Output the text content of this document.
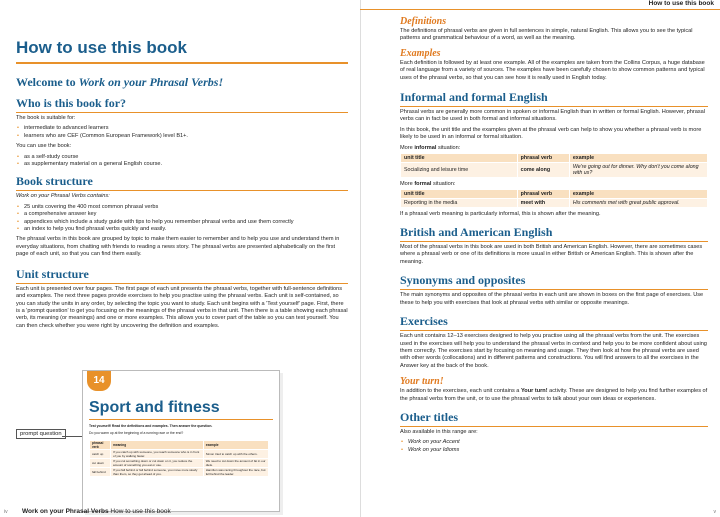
How to use this book
Welcome to Work on your Phrasal Verbs!
Who is this book for?

The book is suitable for:

• intermediate to advanced learners
• learners who are CEF (Common European Framework) level B1+.

You can use the book:

• as a self-study course
• as supplementary material on a general English course.
Book structure

Work on your Phrasal Verbs contains:

• 25 units covering the 400 most common phrasal verbs
• a comprehensive answer key
• appendices which include a study guide with tips to help you remember phrasal verbs and use them correctly
• an index to help you find phrasal verbs quickly and easily.

The phrasal verbs in this book are grouped by topic to make them easier to remember and to help you use and understand them in everyday situations, from chatting with friends to reading a news story. The phrasal verbs are presented alphabetically on the first page of each unit, so that you can find them easily.

Unit structure

Each unit is presented over four pages. The first page of each unit presents the phrasal verbs, together with full-sentence definitions and examples. The next three pages provide exercises to help you practise using the phrasal verbs. Each unit is self-contained, so you can study the units in any order, by selecting the topic you want to study. Each unit begins with a 'Test yourself' page. First, there is a 'prompt question' to get you focusing on the meanings of the phrasal verbs in that unit. Then there is a table showing each phrasal verb, its meaning (or meanings) and one or more examples. This allows you to cover part of the table so you can test yourself. You can then check whether you were right by uncovering the definition and examples.

prompt question
14
Sport and fitness
Test yourself! Read the definitions and examples. Then answer the question.
Do you warm up at the beginning of a running race or the end?
phrasal verb	meaning	example
catch up	If you catch up with someone, you reach someone who is in front of you by walking faster.	Simon tried to catch up with the others.
cut down	If you cut something down or cut down on it, you reduce the amount of something you eat or use.	We need to cut down the amount of fat in our diets.
fall behind	If you fall behind or fall behind someone, you move more slowly than them, so they get ahead of you.	Hamilton was racing throughout the race, but fell behind the leader.
iv Work on your Phrasal Verbs How to use this book
How to use this book
Definitions

The definitions of phrasal verbs are given in full sentences in simple, natural English. This allows you to see the typical patterns and grammatical behaviour of a word, as well as the meaning.

Examples

Each definition is followed by at least one example. All of the examples are taken from the Collins Corpus, a huge database of real language from a variety of sources. The examples have been carefully chosen to show common patterns and typical uses of the phrasal verbs, so that you can see how it is really used in English today.

Informal and formal English

Phrasal verbs are generally more common in spoken or informal English than in written or formal English. However, phrasal verbs can in fact be used in both formal and informal situations.

In this book, the unit title and the examples given at the phrasal verb can help to show you whether a phrasal verb is more likely to be used in an informal or formal situation.

More informal situation:
unit title	phrasal verb	example
Socializing and leisure time	come along	We're going out for dinner. Why don't you come along with us?
More formal situation:
unit title	phrasal verb	example
Reporting in the media	meet with	His comments met with great public approval.

If a phrasal verb meaning is particularly informal, this is shown after the meaning.

British and American English

Most of the phrasal verbs in this book are used in both British and American English. However, there are sometimes cases where a phrasal verb or one of its definitions is more usual in either British or American English. This is shown after the meaning.

Synonyms and opposites

The main synonyms and opposites of the phrasal verbs in each unit are shown in boxes on the first page of exercises. Use these to help you with exercises that look at phrasal verbs with similar or opposite meanings.

Exercises

Each unit contains 12–13 exercises designed to help you practise using all the phrasal verbs from the unit. The exercises used in the exercises will help you to understand the phrasal verbs in context and help you to be more confident about using them correctly. The exercises start by focusing on meaning and usage. They then look at how the phrasal verbs are used with other words (collocations) and in different patterns and constructions. You will find answers to all the exercises in the Answer key at the back of the book.

Your turn!

In addition to the exercises, each unit contains a Your turn! activity. These are designed to help you find further examples of the phrasal verbs from the unit, or to use the phrasal verbs to talk about your own ideas or experiences.

Other titles

Also available in this range are:

• Work on your Accent
• Work on your Idioms
v
